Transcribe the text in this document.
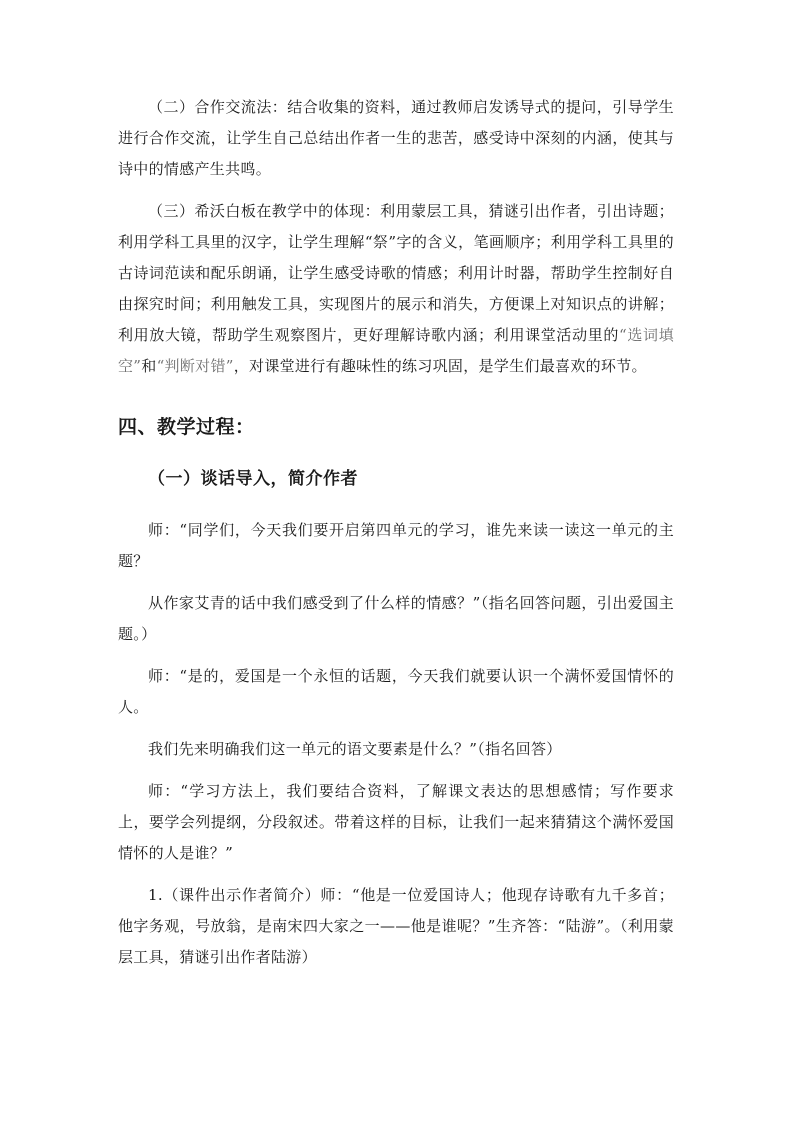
（二）合作交流法：结合收集的资料，通过教师启发诱导式的提问，引导学生进行合作交流，让学生自己总结出作者一生的悲苦，感受诗中深刻的内涵，使其与诗中的情感产生共鸣。

（三）希沃白板在教学中的体现：利用蒙层工具，猜谜引出作者，引出诗题；利用学科工具里的汉字，让学生理解“祭”字的含义，笔画顺序；利用学科工具里的古诗词范读和配乐朗诵，让学生感受诗歌的情感；利用计时器，帮助学生控制好自由探究时间；利用触发工具，实现图片的展示和消失，方便课上对知识点的讲解；利用放大镜，帮助学生观察图片，更好理解诗歌内涵；利用课堂活动里的“选词填空”和“判断对错”，对课堂进行有趣味性的练习巩固，是学生们最喜欢的环节。

四、教学过程：
（一）谈话导入，简介作者

师：“同学们，今天我们要开启第四单元的学习，谁先来读一读这一单元的主题？

从作家艾青的话中我们感受到了什么样的情感？”（指名回答问题，引出爱国主题。）

师：“是的，爱国是一个永恒的话题，今天我们就要认识一个满怀爱国情怀的人。

我们先来明确我们这一单元的语文要素是什么？”（指名回答）

师：“学习方法上，我们要结合资料，了解课文表达的思想感情；写作要求上，要学会列提纲，分段叙述。带着这样的目标，让我们一起来猜猜这个满怀爱国情怀的人是谁？”

1.（课件出示作者简介）师：“他是一位爱国诗人；他现存诗歌有九千多首；他字务观，号放翁，是南宋四大家之一——他是谁呢？”生齐答：“陆游”。（利用蒙层工具，猜谜引出作者陆游）
